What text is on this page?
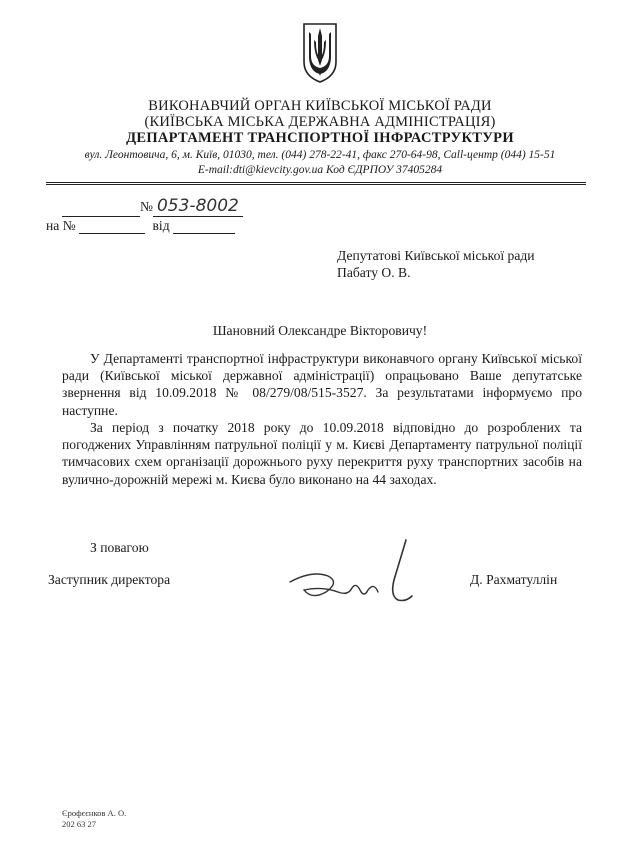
ВИКОНАВЧИЙ ОРГАН КИЇВСЬКОЇ МІСЬКОЇ РАДИ
(КИЇВСЬКА МІСЬКА ДЕРЖАВНА АДМІНІСТРАЦІЯ)
ДЕПАРТАМЕНТ ТРАНСПОРТНОЇ ІНФРАСТРУКТУРИ
вул. Леонтовича, 6, м. Київ, 01030, тел. (044) 278-22-41, факс 270-64-98, Call-центр (044) 15-51
E-mail:dti@kievcity.gov.ua Код ЄДРПОУ 37405284
№ 053-8002
на №	від
Депутатові Київської міської ради
Пабату О. В.
Шановний Олександре Вікторовичу!

У Департаменті транспортної інфраструктури виконавчого органу Київської міської ради (Київської міської державної адміністрації) опрацьовано Ваше депутатське звернення від 10.09.2018 № 08/279/08/515-3527. За результатами інформуємо про наступне.

За період з початку 2018 року до 10.09.2018 відповідно до розроблених та погоджених Управлінням патрульної поліції у м. Києві Департаменту патрульної поліції тимчасових схем організації дорожнього руху перекриття руху транспортних засобів на вулично-дорожній мережі м. Києва було виконано на 44 заходах.

З повагою
Заступник директора	Д. Рахматуллін
Єрофєєнков А. О.
202 63 27
